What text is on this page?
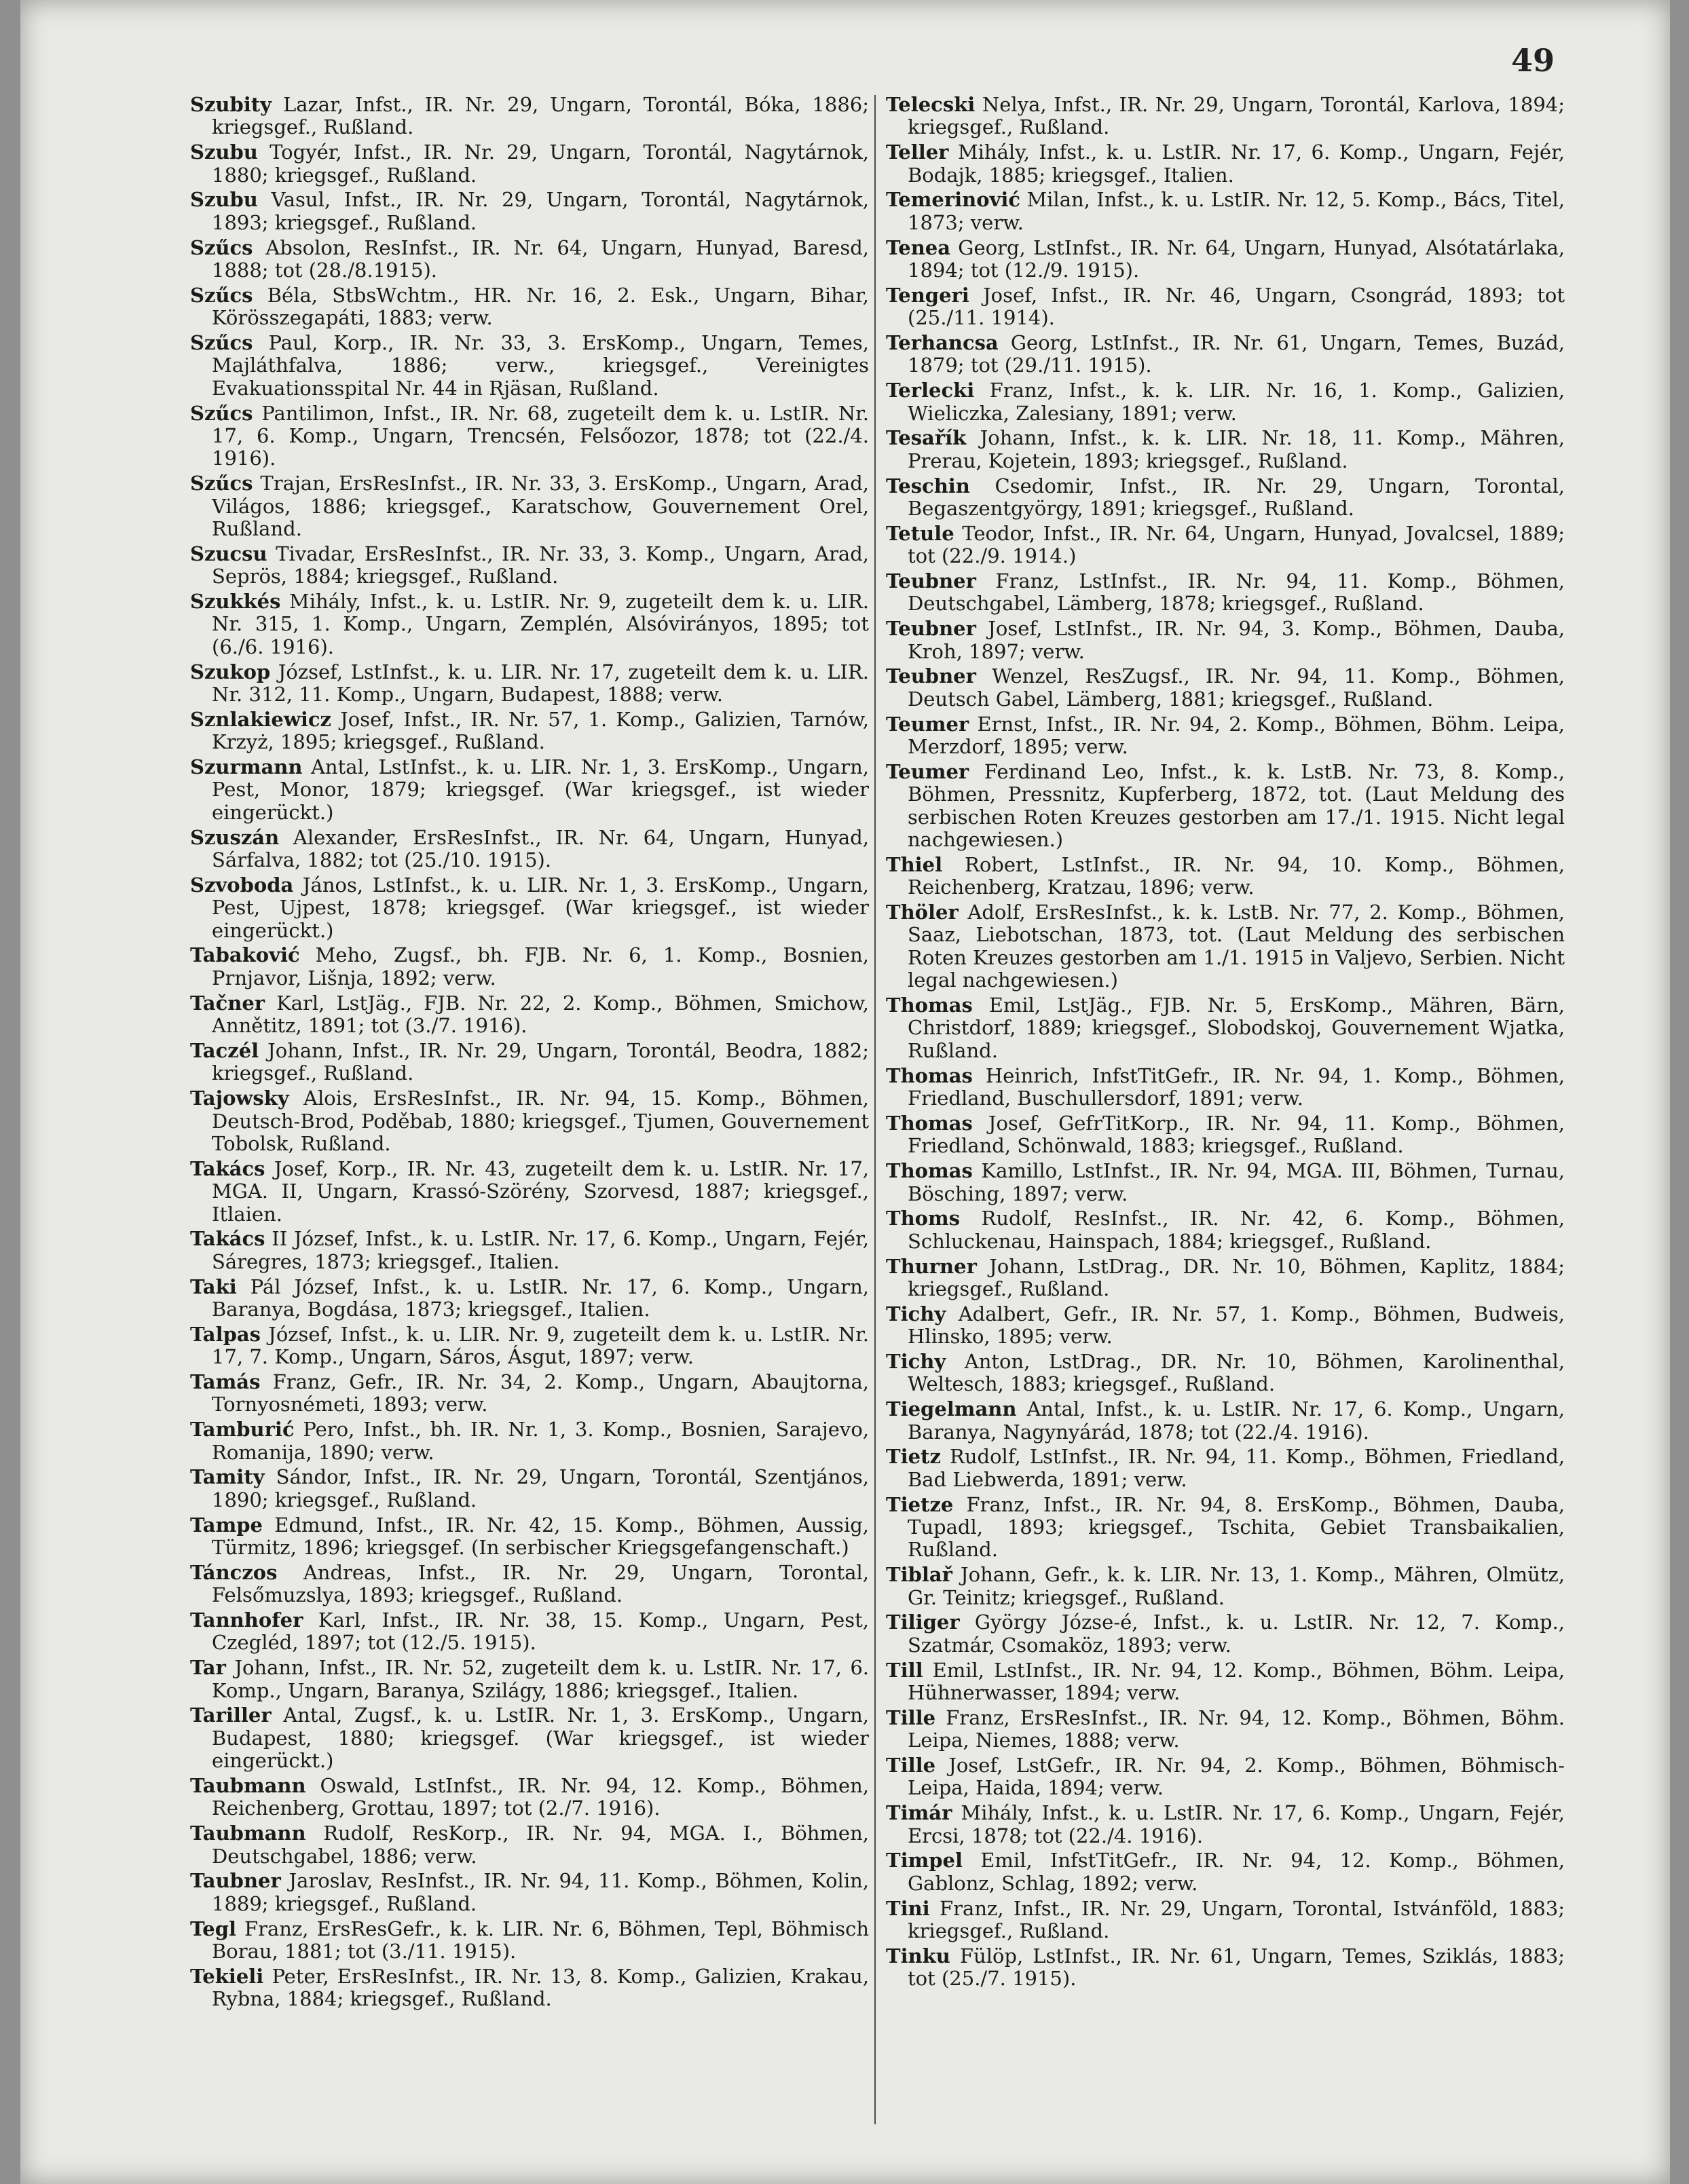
49

Szubity Lazar, Infst., IR. Nr. 29, Ungarn, Torontál, Bóka, 1886; kriegsgef., Rußland.

Szubu Togyér, Infst., IR. Nr. 29, Ungarn, Torontál, Nagytárnok, 1880; kriegsgef., Rußland.

Szubu Vasul, Infst., IR. Nr. 29, Ungarn, Torontál, Nagytárnok, 1893; kriegsgef., Rußland.

Szűcs Absolon, ResInfst., IR. Nr. 64, Ungarn, Hunyad, Baresd, 1888; tot (28./8.1915).

Szűcs Béla, StbsWchtm., HR. Nr. 16, 2. Esk., Ungarn, Bihar, Körösszegapáti, 1883; verw.

Szűcs Paul, Korp., IR. Nr. 33, 3. ErsKomp., Ungarn, Temes, Majláthfalva, 1886; verw., kriegsgef., Vereinigtes Evakuationsspital Nr. 44 in Rjäsan, Rußland.

Szűcs Pantilimon, Infst., IR. Nr. 68, zugeteilt dem k. u. LstIR. Nr. 17, 6. Komp., Ungarn, Trencsén, Felsőozor, 1878; tot (22./4. 1916).

Szűcs Trajan, ErsResInfst., IR. Nr. 33, 3. ErsKomp., Ungarn, Arad, Világos, 1886; kriegsgef., Karatschow, Gouvernement Orel, Rußland.

Szucsu Tivadar, ErsResInfst., IR. Nr. 33, 3. Komp., Ungarn, Arad, Seprös, 1884; kriegsgef., Rußland.

Szukkés Mihály, Infst., k. u. LstIR. Nr. 9, zugeteilt dem k. u. LIR. Nr. 315, 1. Komp., Ungarn, Zemplén, Alsóvirányos, 1895; tot (6./6. 1916).

Szukop József, LstInfst., k. u. LIR. Nr. 17, zugeteilt dem k. u. LIR. Nr. 312, 11. Komp., Ungarn, Budapest, 1888; verw.

Sznlakiewicz Josef, Infst., IR. Nr. 57, 1. Komp., Galizien, Tarnów, Krzyż, 1895; kriegsgef., Rußland.

Szurmann Antal, LstInfst., k. u. LIR. Nr. 1, 3. ErsKomp., Ungarn, Pest, Monor, 1879; kriegsgef. (War kriegsgef., ist wieder eingerückt.)

Szuszán Alexander, ErsResInfst., IR. Nr. 64, Ungarn, Hunyad, Sárfalva, 1882; tot (25./10. 1915).

Szvoboda János, LstInfst., k. u. LIR. Nr. 1, 3. ErsKomp., Ungarn, Pest, Ujpest, 1878; kriegsgef. (War kriegsgef., ist wieder eingerückt.)

Tabaković Meho, Zugsf., bh. FJB. Nr. 6, 1. Komp., Bosnien, Prnjavor, Lišnja, 1892; verw.

Tačner Karl, LstJäg., FJB. Nr. 22, 2. Komp., Böhmen, Smichow, Annětitz, 1891; tot (3./7. 1916).

Taczél Johann, Infst., IR. Nr. 29, Ungarn, Torontál, Beodra, 1882; kriegsgef., Rußland.

Tajowsky Alois, ErsResInfst., IR. Nr. 94, 15. Komp., Böhmen, Deutsch-Brod, Poděbab, 1880; kriegsgef., Tjumen, Gouvernement Tobolsk, Rußland.

Takács Josef, Korp., IR. Nr. 43, zugeteilt dem k. u. LstIR. Nr. 17, MGA. II, Ungarn, Krassó-Szörény, Szorvesd, 1887; kriegsgef., Itlaien.

Takács II József, Infst., k. u. LstIR. Nr. 17, 6. Komp., Ungarn, Fejér, Sáregres, 1873; kriegsgef., Italien.

Taki Pál József, Infst., k. u. LstIR. Nr. 17, 6. Komp., Ungarn, Baranya, Bogdása, 1873; kriegsgef., Italien.

Talpas József, Infst., k. u. LIR. Nr. 9, zugeteilt dem k. u. LstIR. Nr. 17, 7. Komp., Ungarn, Sáros, Ásgut, 1897; verw.

Tamás Franz, Gefr., IR. Nr. 34, 2. Komp., Ungarn, Abaujtorna, Tornyosnémeti, 1893; verw.

Tamburić Pero, Infst., bh. IR. Nr. 1, 3. Komp., Bosnien, Sarajevo, Romanija, 1890; verw.

Tamity Sándor, Infst., IR. Nr. 29, Ungarn, Torontál, Szentjános, 1890; kriegsgef., Rußland.

Tampe Edmund, Infst., IR. Nr. 42, 15. Komp., Böhmen, Aussig, Türmitz, 1896; kriegsgef. (In serbischer Kriegsgefangenschaft.)

Tánczos Andreas, Infst., IR. Nr. 29, Ungarn, Torontal, Felsőmuzslya, 1893; kriegsgef., Rußland.

Tannhofer Karl, Infst., IR. Nr. 38, 15. Komp., Ungarn, Pest, Czegléd, 1897; tot (12./5. 1915).

Tar Johann, Infst., IR. Nr. 52, zugeteilt dem k. u. LstIR. Nr. 17, 6. Komp., Ungarn, Baranya, Szilágy, 1886; kriegsgef., Italien.

Tariller Antal, Zugsf., k. u. LstIR. Nr. 1, 3. ErsKomp., Ungarn, Budapest, 1880; kriegsgef. (War kriegsgef., ist wieder eingerückt.)

Taubmann Oswald, LstInfst., IR. Nr. 94, 12. Komp., Böhmen, Reichenberg, Grottau, 1897; tot (2./7. 1916).

Taubmann Rudolf, ResKorp., IR. Nr. 94, MGA. I., Böhmen, Deutschgabel, 1886; verw.

Taubner Jaroslav, ResInfst., IR. Nr. 94, 11. Komp., Böhmen, Kolin, 1889; kriegsgef., Rußland.

Tegl Franz, ErsResGefr., k. k. LIR. Nr. 6, Böhmen, Tepl, Böhmisch Borau, 1881; tot (3./11. 1915).

Tekieli Peter, ErsResInfst., IR. Nr. 13, 8. Komp., Galizien, Krakau, Rybna, 1884; kriegsgef., Rußland.

Telecski Nelya, Infst., IR. Nr. 29, Ungarn, Torontál, Karlova, 1894; kriegsgef., Rußland.

Teller Mihály, Infst., k. u. LstIR. Nr. 17, 6. Komp., Ungarn, Fejér, Bodajk, 1885; kriegsgef., Italien.

Temerinović Milan, Infst., k. u. LstIR. Nr. 12, 5. Komp., Bács, Titel, 1873; verw.

Tenea Georg, LstInfst., IR. Nr. 64, Ungarn, Hunyad, Alsótatárlaka, 1894; tot (12./9. 1915).

Tengeri Josef, Infst., IR. Nr. 46, Ungarn, Csongrád, 1893; tot (25./11. 1914).

Terhancsa Georg, LstInfst., IR. Nr. 61, Ungarn, Temes, Buzád, 1879; tot (29./11. 1915).

Terlecki Franz, Infst., k. k. LIR. Nr. 16, 1. Komp., Galizien, Wieliczka, Zalesiany, 1891; verw.

Tesařík Johann, Infst., k. k. LIR. Nr. 18, 11. Komp., Mähren, Prerau, Kojetein, 1893; kriegsgef., Rußland.

Teschin Csedomir, Infst., IR. Nr. 29, Ungarn, Torontal, Begaszentgyörgy, 1891; kriegsgef., Rußland.

Tetule Teodor, Infst., IR. Nr. 64, Ungarn, Hunyad, Jovalcsel, 1889; tot (22./9. 1914.)

Teubner Franz, LstInfst., IR. Nr. 94, 11. Komp., Böhmen, Deutschgabel, Lämberg, 1878; kriegsgef., Rußland.

Teubner Josef, LstInfst., IR. Nr. 94, 3. Komp., Böhmen, Dauba, Kroh, 1897; verw.

Teubner Wenzel, ResZugsf., IR. Nr. 94, 11. Komp., Böhmen, Deutsch Gabel, Lämberg, 1881; kriegsgef., Rußland.

Teumer Ernst, Infst., IR. Nr. 94, 2. Komp., Böhmen, Böhm. Leipa, Merzdorf, 1895; verw.

Teumer Ferdinand Leo, Infst., k. k. LstB. Nr. 73, 8. Komp., Böhmen, Pressnitz, Kupferberg, 1872, tot. (Laut Meldung des serbischen Roten Kreuzes gestorben am 17./1. 1915. Nicht legal nachgewiesen.)

Thiel Robert, LstInfst., IR. Nr. 94, 10. Komp., Böhmen, Reichenberg, Kratzau, 1896; verw.

Thöler Adolf, ErsResInfst., k. k. LstB. Nr. 77, 2. Komp., Böhmen, Saaz, Liebotschan, 1873, tot. (Laut Meldung des serbischen Roten Kreuzes gestorben am 1./1. 1915 in Valjevo, Serbien. Nicht legal nachgewiesen.)

Thomas Emil, LstJäg., FJB. Nr. 5, ErsKomp., Mähren, Bärn, Christdorf, 1889; kriegsgef., Slobodskoj, Gouvernement Wjatka, Rußland.

Thomas Heinrich, InfstTitGefr., IR. Nr. 94, 1. Komp., Böhmen, Friedland, Buschullersdorf, 1891; verw.

Thomas Josef, GefrTitKorp., IR. Nr. 94, 11. Komp., Böhmen, Friedland, Schönwald, 1883; kriegsgef., Rußland.

Thomas Kamillo, LstInfst., IR. Nr. 94, MGA. III, Böhmen, Turnau, Bösching, 1897; verw.

Thoms Rudolf, ResInfst., IR. Nr. 42, 6. Komp., Böhmen, Schluckenau, Hainspach, 1884; kriegsgef., Rußland.

Thurner Johann, LstDrag., DR. Nr. 10, Böhmen, Kaplitz, 1884; kriegsgef., Rußland.

Tichy Adalbert, Gefr., IR. Nr. 57, 1. Komp., Böhmen, Budweis, Hlinsko, 1895; verw.

Tichy Anton, LstDrag., DR. Nr. 10, Böhmen, Karolinenthal, Weltesch, 1883; kriegsgef., Rußland.

Tiegelmann Antal, Infst., k. u. LstIR. Nr. 17, 6. Komp., Ungarn, Baranya, Nagynyárád, 1878; tot (22./4. 1916).

Tietz Rudolf, LstInfst., IR. Nr. 94, 11. Komp., Böhmen, Friedland, Bad Liebwerda, 1891; verw.

Tietze Franz, Infst., IR. Nr. 94, 8. ErsKomp., Böhmen, Dauba, Tupadl, 1893; kriegsgef., Tschita, Gebiet Transbaikalien, Rußland.

Tiblař Johann, Gefr., k. k. LIR. Nr. 13, 1. Komp., Mähren, Olmütz, Gr. Teinitz; kriegsgef., Rußland.

Tiliger György Józse-é, Infst., k. u. LstIR. Nr. 12, 7. Komp., Szatmár, Csomaköz, 1893; verw.

Till Emil, LstInfst., IR. Nr. 94, 12. Komp., Böhmen, Böhm. Leipa, Hühnerwasser, 1894; verw.

Tille Franz, ErsResInfst., IR. Nr. 94, 12. Komp., Böhmen, Böhm. Leipa, Niemes, 1888; verw.

Tille Josef, LstGefr., IR. Nr. 94, 2. Komp., Böhmen, Böhmisch-Leipa, Haida, 1894; verw.

Timár Mihály, Infst., k. u. LstIR. Nr. 17, 6. Komp., Ungarn, Fejér, Ercsi, 1878; tot (22./4. 1916).

Timpel Emil, InfstTitGefr., IR. Nr. 94, 12. Komp., Böhmen, Gablonz, Schlag, 1892; verw.

Tini Franz, Infst., IR. Nr. 29, Ungarn, Torontal, Istvánföld, 1883; kriegsgef., Rußland.

Tinku Fülöp, LstInfst., IR. Nr. 61, Ungarn, Temes, Sziklás, 1883; tot (25./7. 1915).
